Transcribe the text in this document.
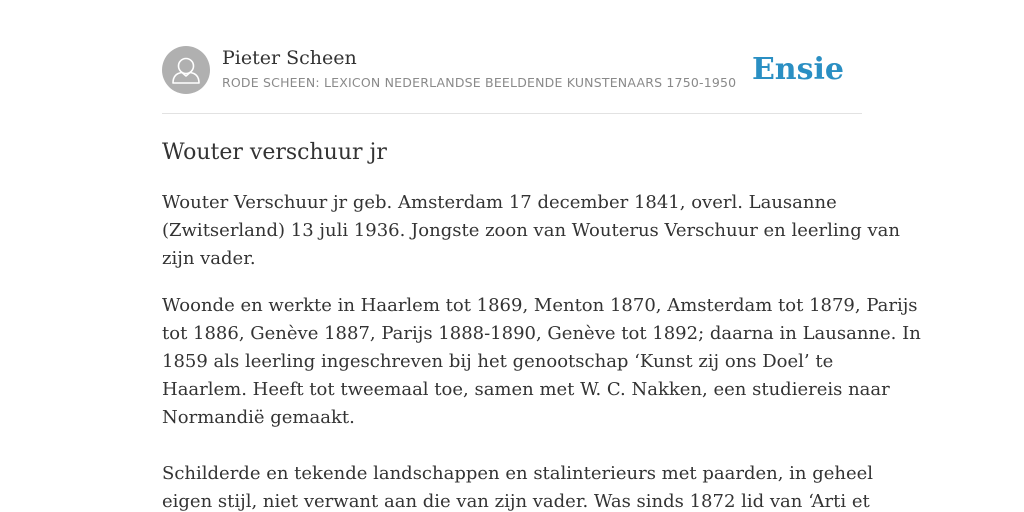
Pieter Scheen
RODE SCHEEN: LEXICON NEDERLANDSE BEELDENDE KUNSTENAARS 1750-1950 Ensie
Wouter verschuur jr
Wouter Verschuur jr geb. Amsterdam 17 december 1841, overl. Lausanne
(Zwitserland) 13 juli 1936. Jongste zoon van Wouterus Verschuur en leerling van
zijn vader.
Woonde en werkte in Haarlem tot 1869, Menton 1870, Amsterdam tot 1879, Parijs
tot 1886, Genève 1887, Parijs 1888-1890, Genève tot 1892; daarna in Lausanne. In
1859 als leerling ingeschreven bij het genootschap ‘Kunst zij ons Doel’ te
Haarlem. Heeft tot tweemaal toe, samen met W. C. Nakken, een studiereis naar
Normandië gemaakt.
Schilderde en tekende landschappen en stalinterieurs met paarden, in geheel
eigen stijl, niet verwant aan die van zijn vader. Was sinds 1872 lid van ‘Arti et
